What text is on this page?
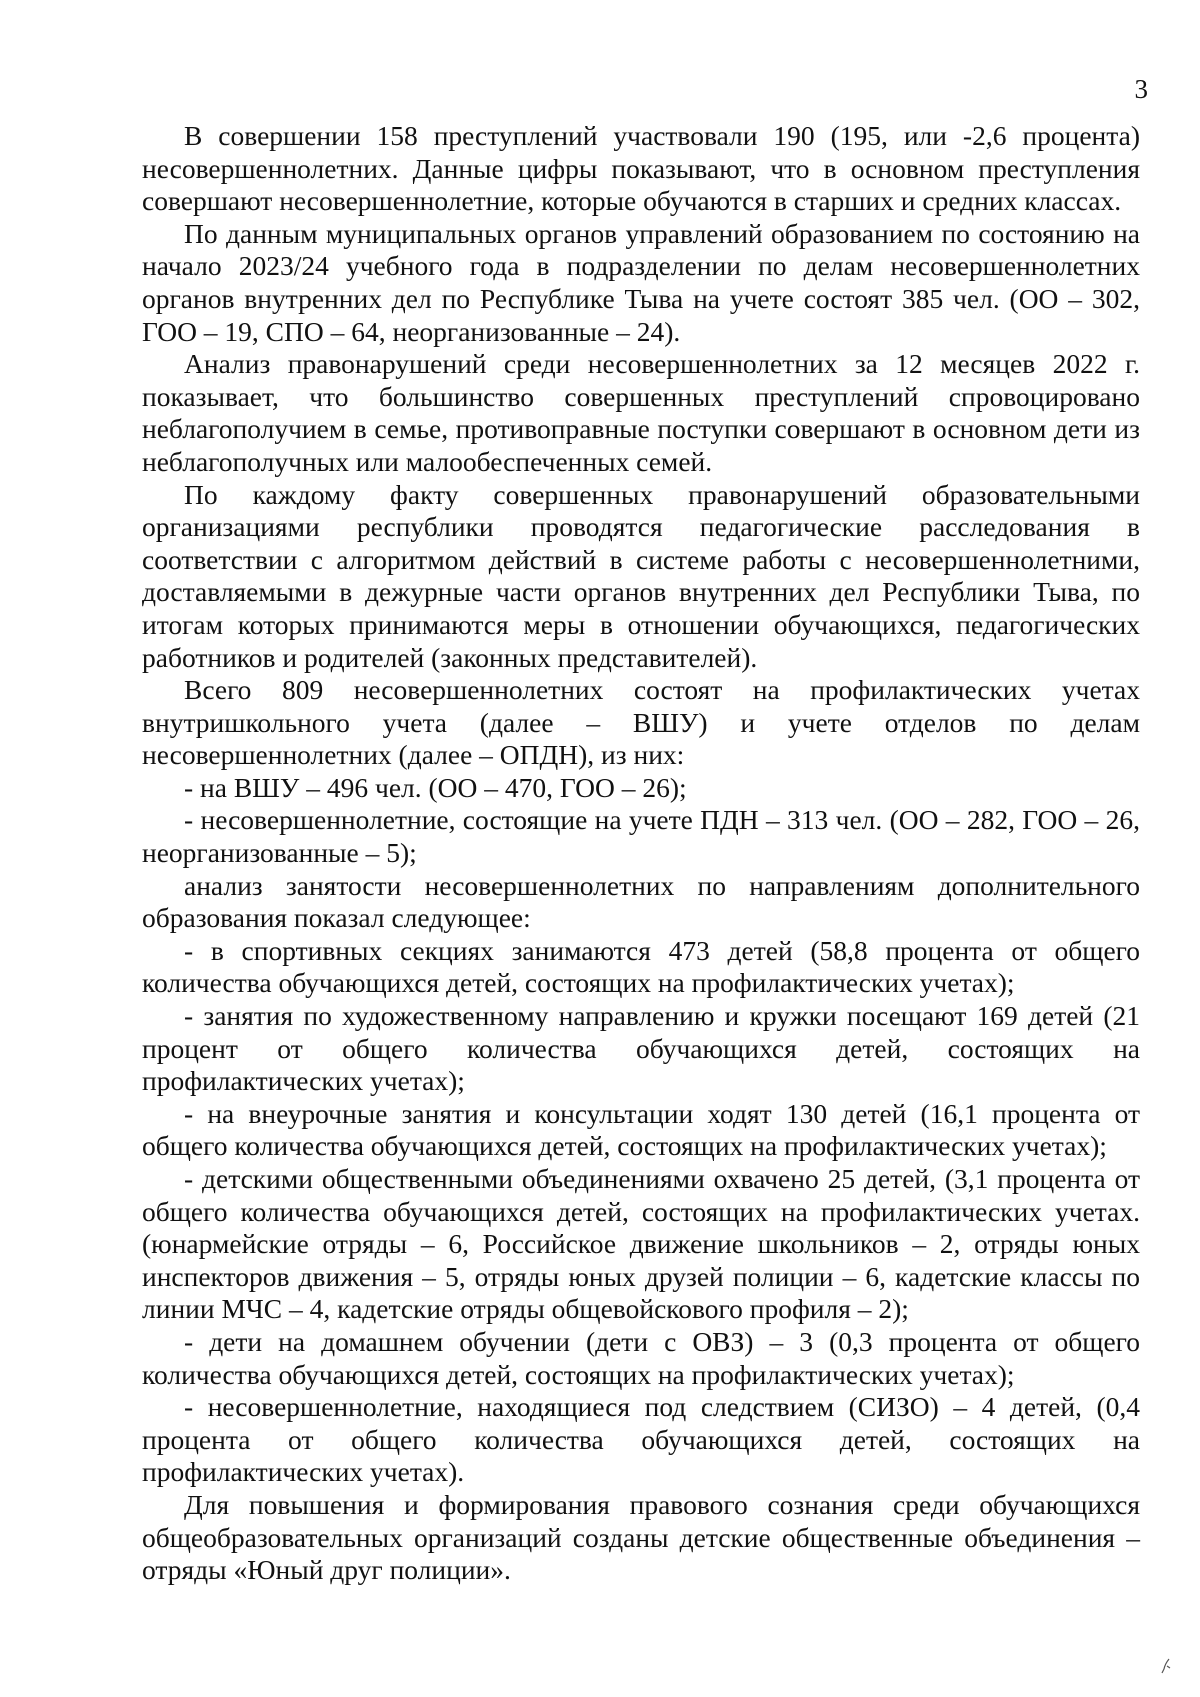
3

В совершении 158 преступлений участвовали 190 (195, или -2,6 процента) несовершеннолетних. Данные цифры показывают, что в основном преступления совершают несовершеннолетние, которые обучаются в старших и средних классах.

По данным муниципальных органов управлений образованием по состоянию на начало 2023/24 учебного года в подразделении по делам несовершеннолетних органов внутренних дел по Республике Тыва на учете состоят 385 чел. (ОО – 302, ГОО – 19, СПО – 64, неорганизованные – 24).

Анализ правонарушений среди несовершеннолетних за 12 месяцев 2022 г. показывает, что большинство совершенных преступлений спровоцировано неблагополучием в семье, противоправные поступки совершают в основном дети из неблагополучных или малообеспеченных семей.

По каждому факту совершенных правонарушений образовательными организациями республики проводятся педагогические расследования в соответствии с алгоритмом действий в системе работы с несовершеннолетними, доставляемыми в дежурные части органов внутренних дел Республики Тыва, по итогам которых принимаются меры в отношении обучающихся, педагогических работников и родителей (законных представителей).

Всего 809 несовершеннолетних состоят на профилактических учетах внутришкольного учета (далее – ВШУ) и учете отделов по делам несовершеннолетних (далее – ОПДН), из них:

- на ВШУ – 496 чел. (ОО – 470, ГОО – 26);

- несовершеннолетние, состоящие на учете ПДН – 313 чел. (ОО – 282, ГОО – 26, неорганизованные – 5);

анализ занятости несовершеннолетних по направлениям дополнительного образования показал следующее:

- в спортивных секциях занимаются 473 детей (58,8 процента от общего количества обучающихся детей, состоящих на профилактических учетах);

- занятия по художественному направлению и кружки посещают 169 детей (21 процент от общего количества обучающихся детей, состоящих на профилактических учетах);

- на внеурочные занятия и консультации ходят 130 детей (16,1 процента от общего количества обучающихся детей, состоящих на профилактических учетах);

- детскими общественными объединениями охвачено 25 детей, (3,1 процента от общего количества обучающихся детей, состоящих на профилактических учетах. (юнармейские отряды – 6, Российское движение школьников – 2, отряды юных инспекторов движения – 5, отряды юных друзей полиции – 6, кадетские классы по линии МЧС – 4, кадетские отряды общевойскового профиля – 2);

- дети на домашнем обучении (дети с ОВЗ) – 3 (0,3 процента от общего количества обучающихся детей, состоящих на профилактических учетах);

- несовершеннолетние, находящиеся под следствием (СИЗО) – 4 детей, (0,4 процента от общего количества обучающихся детей, состоящих на профилактических учетах).

Для повышения и формирования правового сознания среди обучающихся общеобразовательных организаций созданы детские общественные объединения – отряды «Юный друг полиции».
